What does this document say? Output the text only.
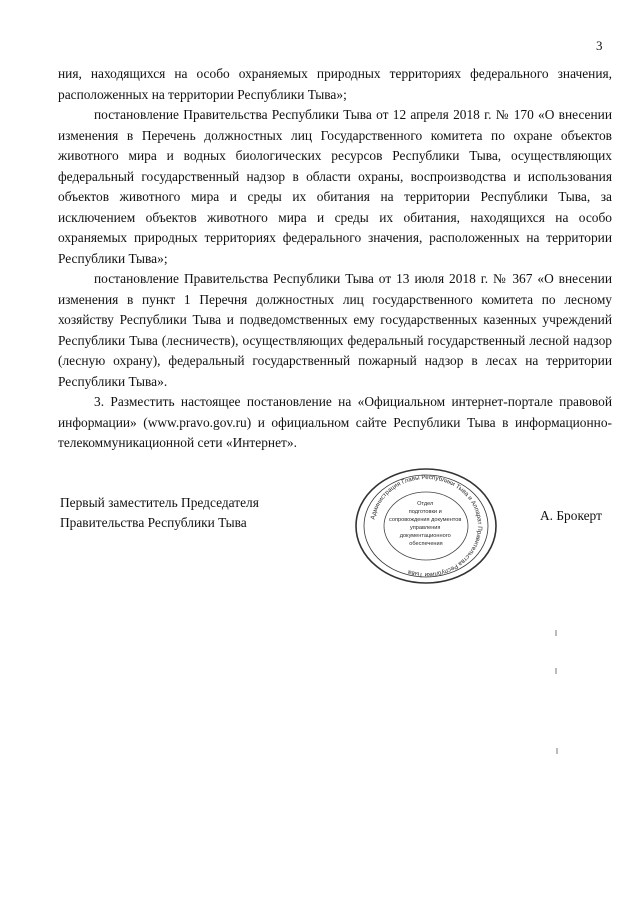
3

ния, находящихся на особо охраняемых природных территориях федерального значения, расположенных на территории Республики Тыва»;

постановление Правительства Республики Тыва от 12 апреля 2018 г. № 170 «О внесении изменения в Перечень должностных лиц Государственного комитета по охране объектов животного мира и водных биологических ресурсов Республики Тыва, осуществляющих федеральный государственный надзор в области охраны, воспроизводства и использования объектов животного мира и среды их обитания на территории Республики Тыва, за исключением объектов животного мира и среды их обитания, находящихся на особо охраняемых природных территориях федерального значения, расположенных на территории Республики Тыва»;

постановление Правительства Республики Тыва от 13 июля 2018 г. № 367 «О внесении изменения в пункт 1 Перечня должностных лиц государственного комитета по лесному хозяйству Республики Тыва и подведомственных ему государственных казенных учреждений Республики Тыва (лесничеств), осуществляющих федеральный государственный лесной надзор (лесную охрану), федеральный государственный пожарный надзор в лесах на территории Республики Тыва».

3. Разместить настоящее постановление на «Официальном интернет-портале правовой информации» (www.pravo.gov.ru) и официальном сайте Республики Тыва в информационно-телекоммуникационной сети «Интернет».

Первый заместитель Председателя
Правительства Республики Тыва	Администрация Главы Республики Тыва и Аппарат Правительства Республики Тыва
Отдел подготовки и сопровождения документов управления документационного обеспечения
А. Брокерт
